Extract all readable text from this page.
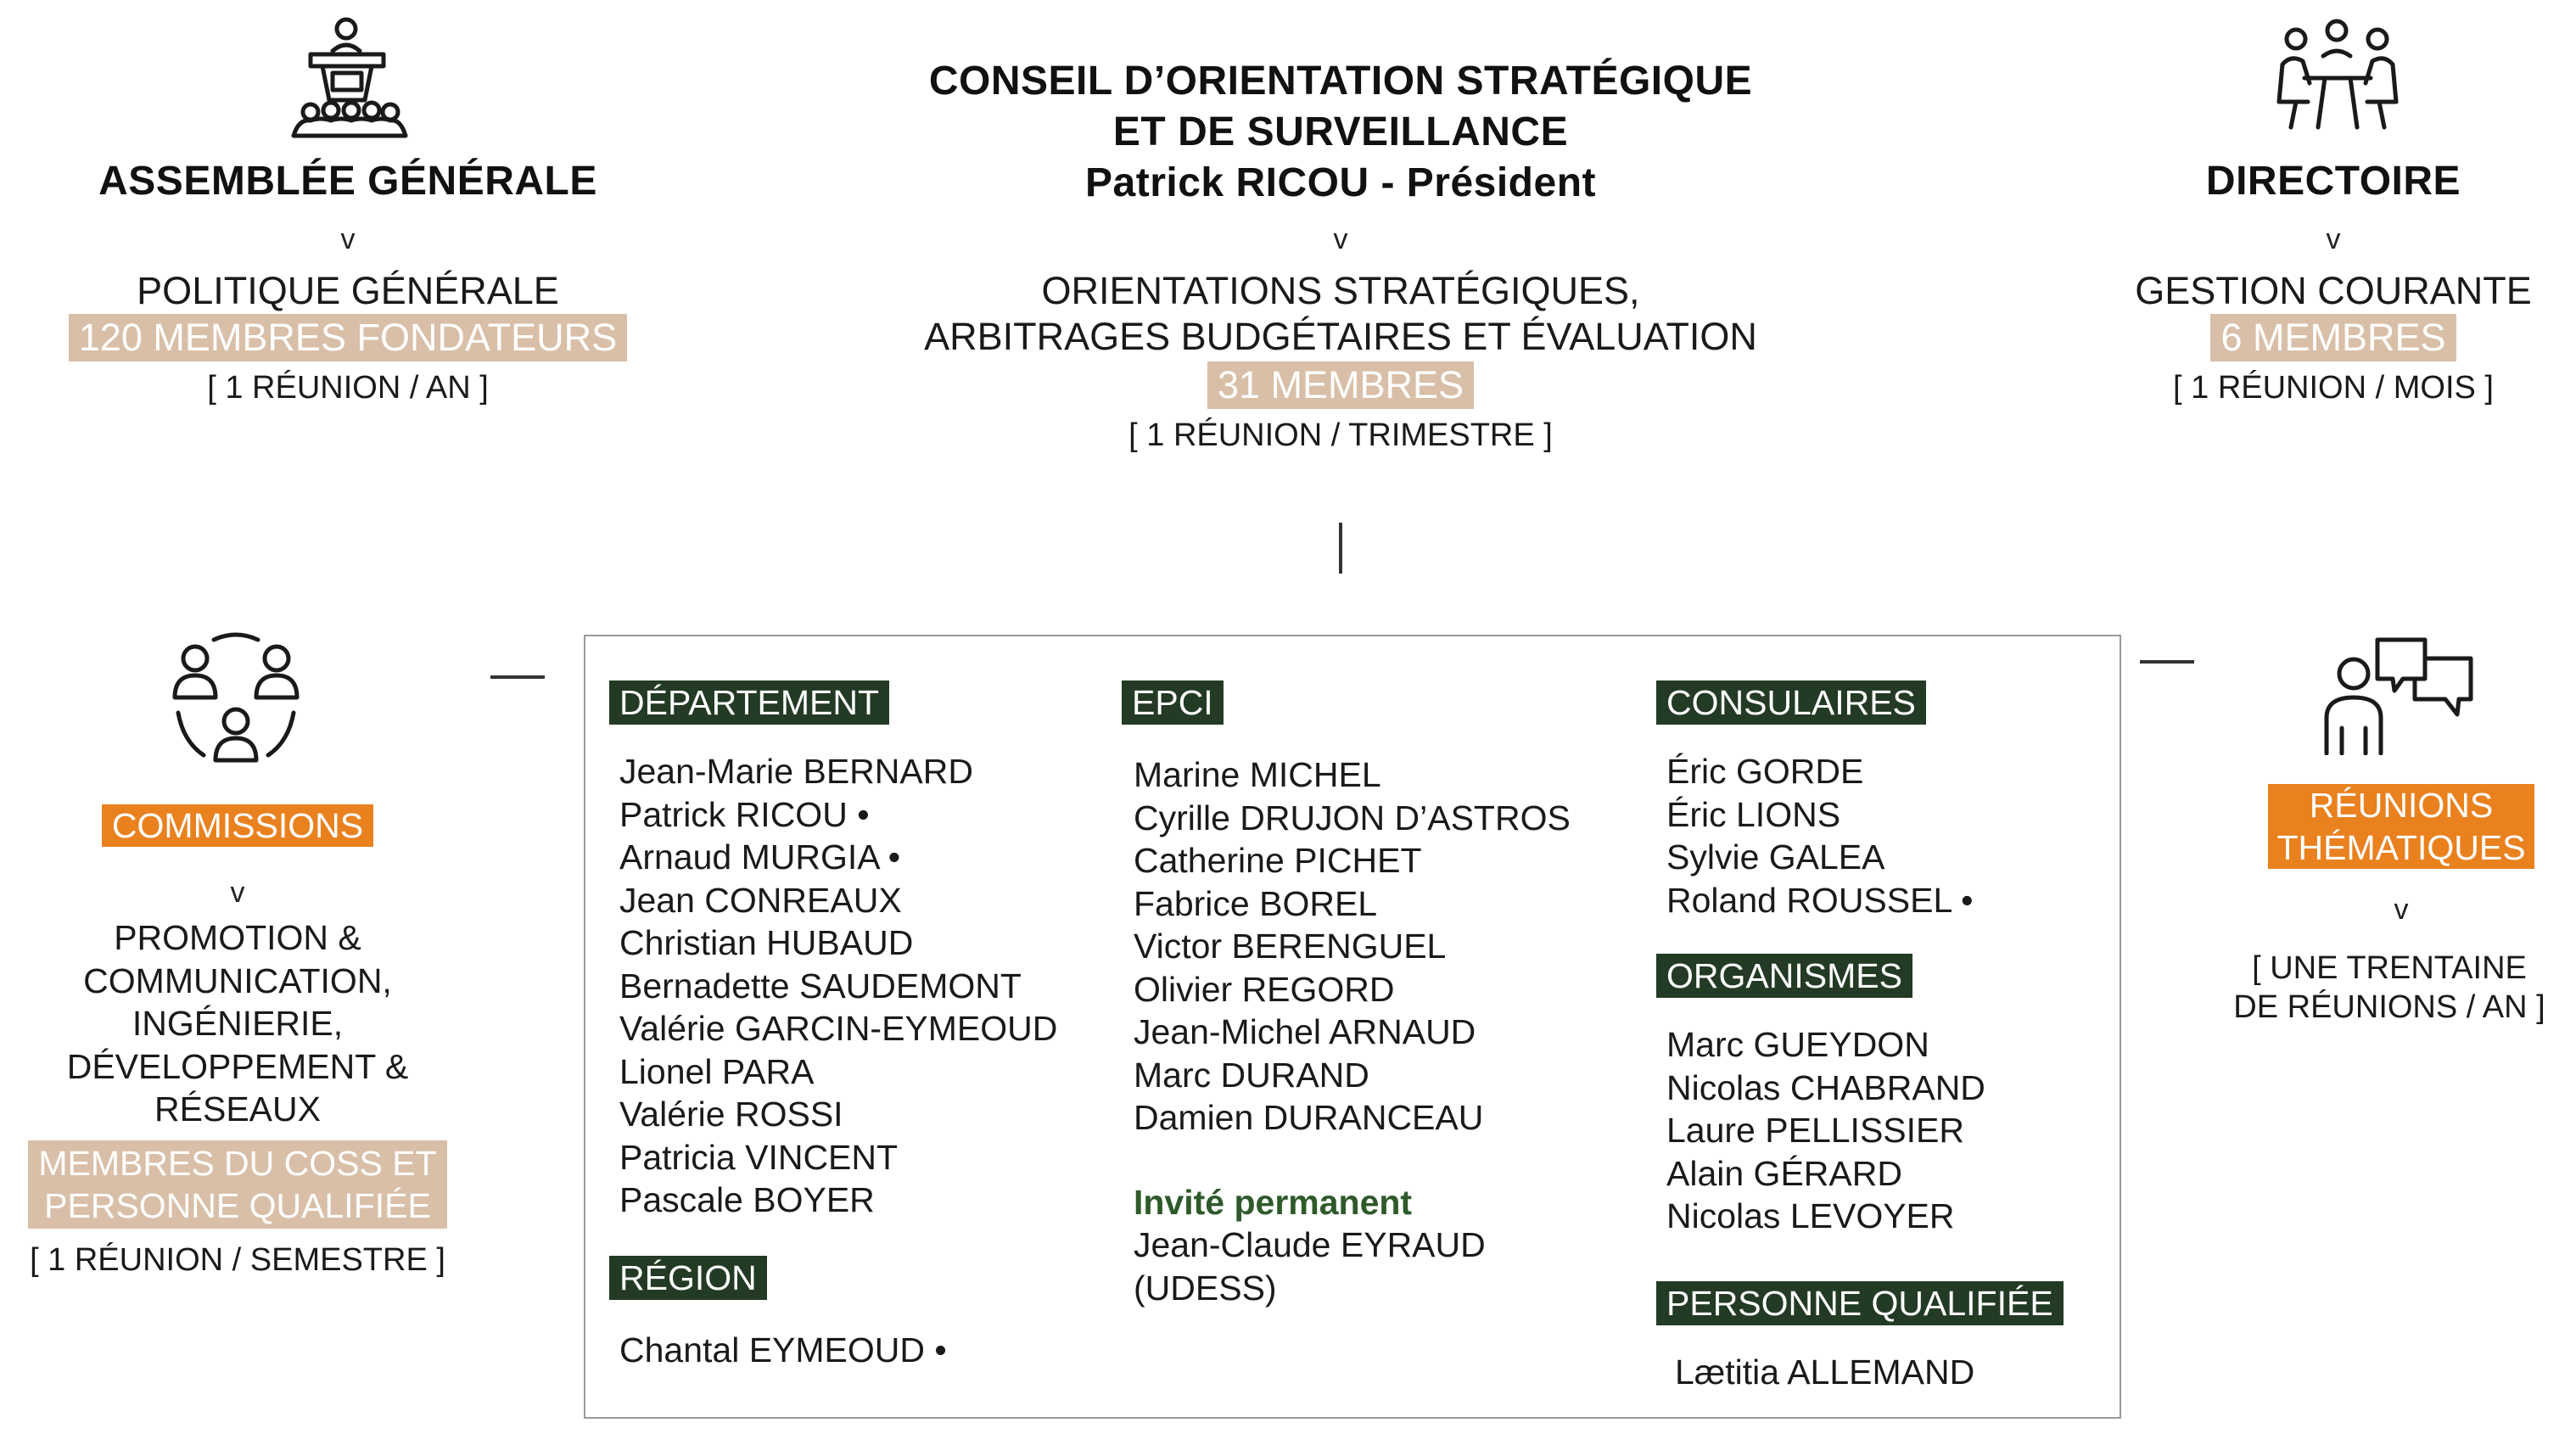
ASSEMBLÉE GÉNÉRALE
v
POLITIQUE GÉNÉRALE
120 MEMBRES FONDATEURS
[ 1 RÉUNION / AN ]
CONSEIL D’ORIENTATION STRATÉGIQUE
ET DE SURVEILLANCE
Patrick RICOU - Président
v
ORIENTATIONS STRATÉGIQUES,
ARBITRAGES BUDGÉTAIRES ET ÉVALUATION
31 MEMBRES
[ 1 RÉUNION / TRIMESTRE ]
DIRECTOIRE
v
GESTION COURANTE
6 MEMBRES
[ 1 RÉUNION / MOIS ]
COMMISSIONS
v
PROMOTION &
COMMUNICATION,
INGÉNIERIE,
DÉVELOPPEMENT &
RÉSEAUX
MEMBRES DU COSS ET
PERSONNE QUALIFIÉE
[ 1 RÉUNION / SEMESTRE ]
DÉPARTEMENT
Jean-Marie BERNARD
Patrick RICOU •
Arnaud MURGIA •
Jean CONREAUX
Christian HUBAUD
Bernadette SAUDEMONT
Valérie GARCIN-EYMEOUD
Lionel PARA
Valérie ROSSI
Patricia VINCENT
Pascale BOYER
RÉGION
Chantal EYMEOUD •
EPCI
Marine MICHEL
Cyrille DRUJON D’ASTROS
Catherine PICHET
Fabrice BOREL
Victor BERENGUEL
Olivier REGORD
Jean-Michel ARNAUD
Marc DURAND
Damien DURANCEAU
Invité permanent
Jean-Claude EYRAUD
(UDESS)
CONSULAIRES
Éric GORDE
Éric LIONS
Sylvie GALEA
Roland ROUSSEL •
ORGANISMES
Marc GUEYDON
Nicolas CHABRAND
Laure PELLISSIER
Alain GÉRARD
Nicolas LEVOYER
PERSONNE QUALIFIÉE
Lætitia ALLEMAND
RÉUNIONS
THÉMATIQUES
v
[ UNE TRENTAINE
DE RÉUNIONS / AN ]
